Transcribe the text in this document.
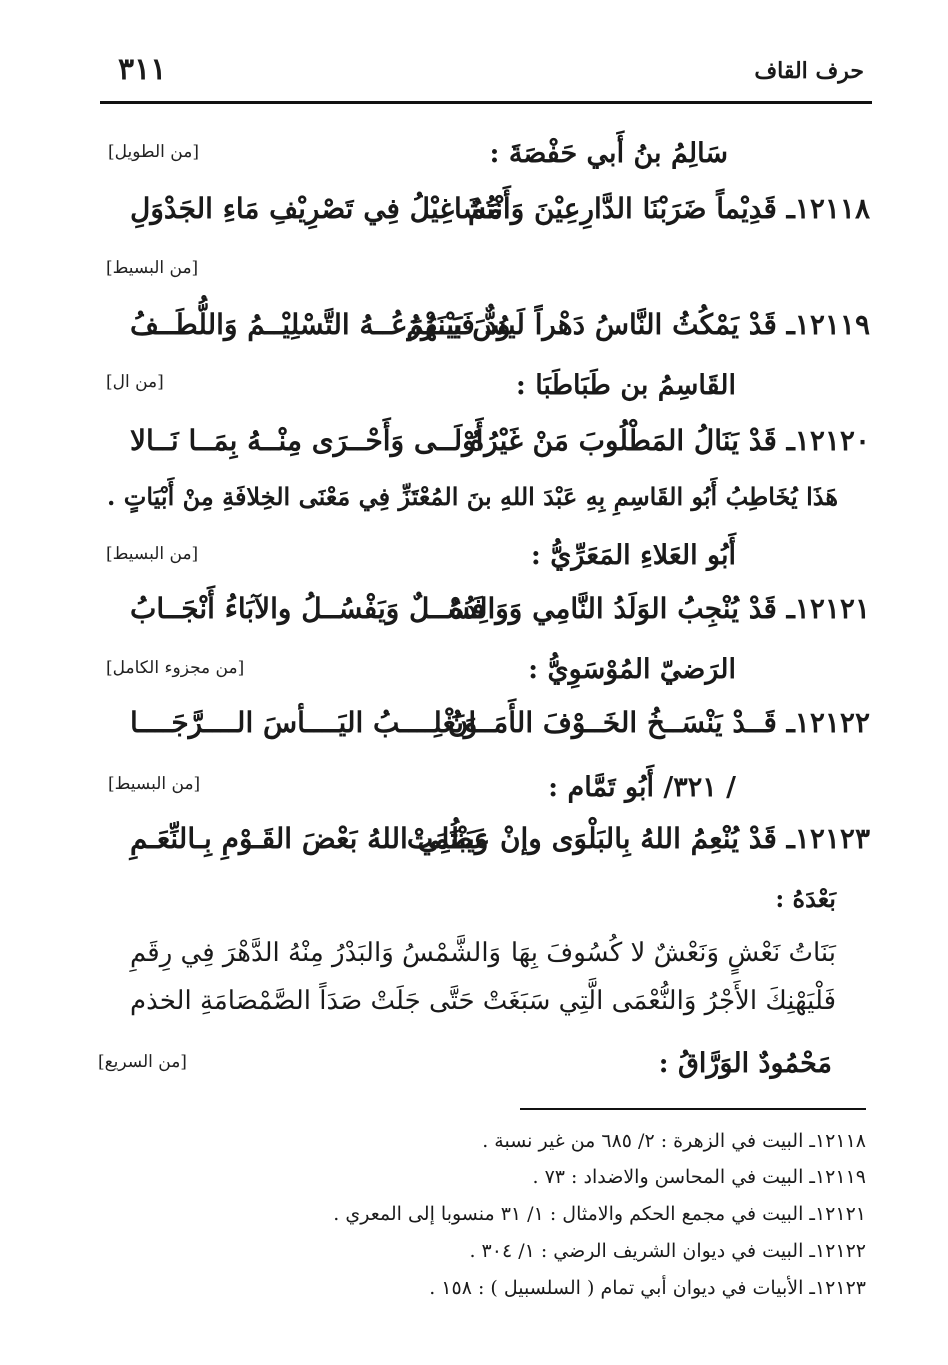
٣١١	حرف القاف
سَالِمُ بنُ أَبي حَفْصَةَ :
[من الطويل]
١٢١١٨ـ قَدِيْماً ضَرَبْنَا الدَّارِعِيْنَ وَأَنْتُمُ
مَشَاغِيْلُ فِي تَصْرِيْفِ مَاءِ الجَدْوَلِ
[من البسيط]
١٢١١٩ـ قَدْ يَمْكُثُ النَّاسُ دَهْراً لَيسَ بَيْنَهُمُ
وُدٌّ فَيَــزْرَعُــهُ التَّسْلِيْــمُ وَاللُّطَــفُ
القَاسِمُ بن طَبَاطَبَا :
[من ال]
١٢١٢٠ـ قَدْ يَنَالُ المَطْلُوبَ مَنْ غَيْرُهُ
أَوْلَــى وَأَحْــرَى مِنْــهُ بِمَــا نَــالا
هَذَا يُخَاطِبُ أَبُو القَاسِمِ بِهِ عَبْدَ اللهِ بنَ المُعْتَزِّ فِي مَعْنَى الخِلافَةِ مِنْ أَبْيَاتٍ .
أَبُو العَلاءِ المَعَرِّيُّ :
[من البسيط]
١٢١٢١ـ قَدْ يُنْجِبُ الوَلَدُ النَّامِي وَوَالِدُهُ
فَسْــلٌ وَيَفْسُــلُ والآبَاءُ أَنْجَــابُ
الرَضيّ المُوْسَوِيُّ :
[من مجزوء الكامل]
١٢١٢٢ـ قَــدْ يَنْسَــخُ الخَــوْفَ الأَمَــانُ
وَيَغْلِــــبُ اليَــــأسَ الــــرَّجَــــا
/ ٣٢١/ أَبُو تَمَّام :
[من البسيط]
١٢١٢٣ـ قَدْ يُنْعِمُ اللهُ بِالبَلْوَى وإنْ عَظُمَتْ
وَيَبْتَلِي اللهُ بَعْضَ القَـوْمِ بِـالنِّعَـمِ
بَعْدَهُ :
بَنَاتُ نَعْشٍ وَنَعْشٌ لا كُسُوفَ بِهَا
وَالشَّمْسُ وَالبَدْرُ مِنْهُ الدَّهْرَ فِي رِقَمِ
فَلْيَهْنِكَ الأَجْرُ وَالنُّعْمَى الَّتِي سَبَغَتْ
حَتَّى جَلَتْ صَدَاً الصَّمْصَامَةِ الخذم
مَحْمُودٌ الوَرَّاقُ :
[من السريع]
١٢١١٨ـ البيت في الزهرة : ٢/ ٦٨٥ من غير نسبة .
١٢١١٩ـ البيت في المحاسن والاضداد : ٧٣ .
١٢١٢١ـ البيت في مجمع الحكم والامثال : ١/ ٣١ منسوبا إلى المعري .
١٢١٢٢ـ البيت في ديوان الشريف الرضي : ١/ ٣٠٤ .
١٢١٢٣ـ الأبيات في ديوان أبي تمام ( السلسبيل ) : ١٥٨ .
